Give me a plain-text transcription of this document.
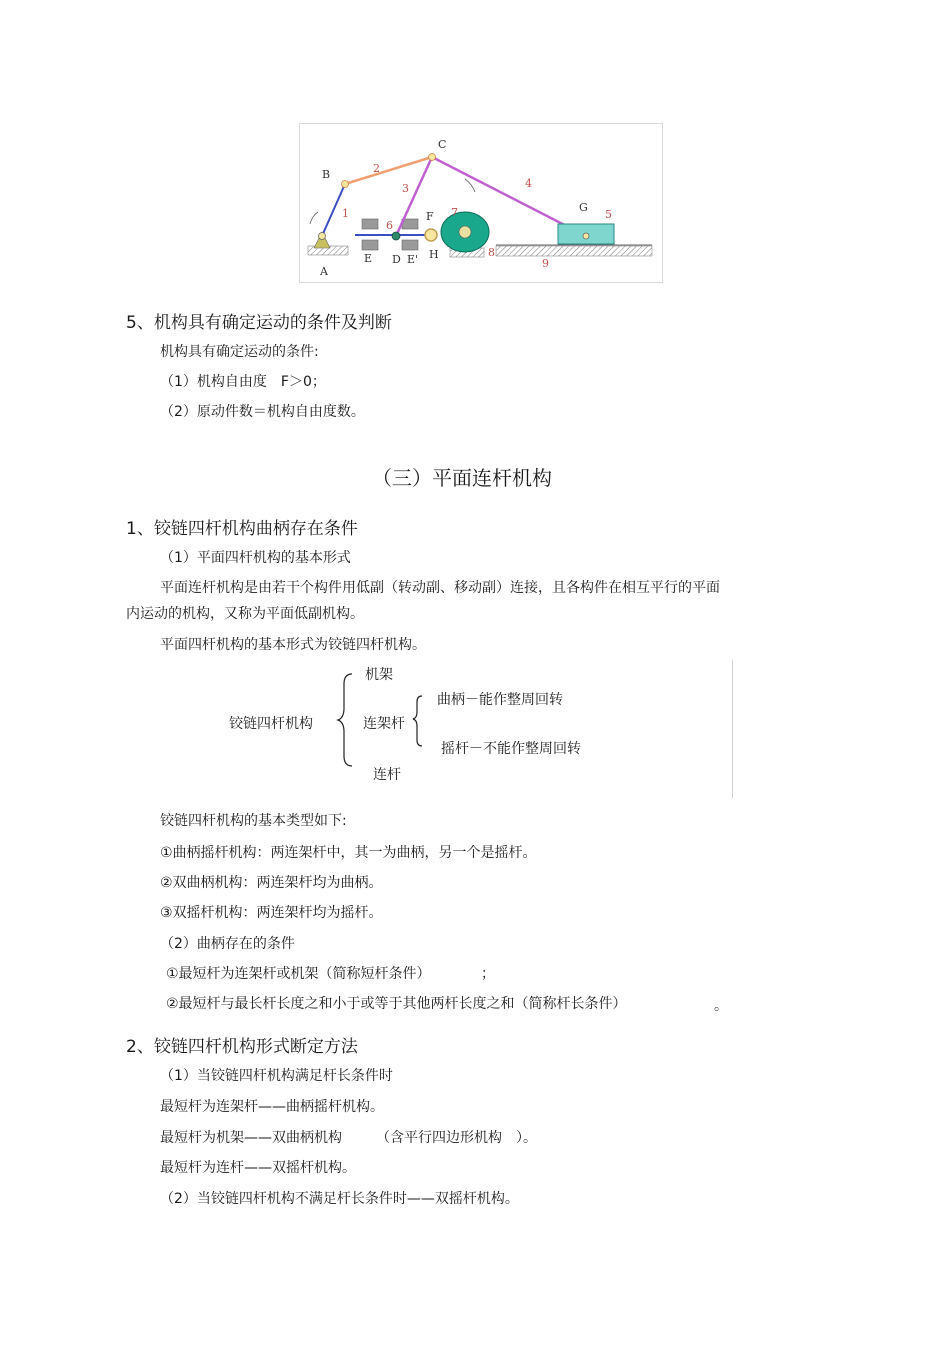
B
C
A
E D E'
F
H
G
1
2
3	4
5
6
7
8
9
5、机构具有确定运动的条件及判断
机构具有确定运动的条件:
（1）机构自由度　F＞0；
（2）原动件数＝机构自由度数。
（三）平面连杆机构
1、铰链四杆机构曲柄存在条件
（1）平面四杆机构的基本形式
平面连杆机构是由若干个构件用低副（转动副、移动副）连接，且各构件在相互平行的平面
内运动的机构，又称为平面低副机构。
平面四杆机构的基本形式为铰链四杆机构。
铰链四杆机构
机架
连架杆
连杆
曲柄－能作整周回转
摇杆－不能作整周回转
铰链四杆机构的基本类型如下:
①曲柄摇杆机构：两连架杆中，其一为曲柄，另一个是摇杆。
②双曲柄机构：两连架杆均为曲柄。
③双摇杆机构：两连架杆均为摇杆。
（2）曲柄存在的条件
①最短杆为连架杆或机架（简称短杆条件）	；
②最短杆与最长杆长度之和小于或等于其他两杆长度之和（简称杆长条件）	。
2、铰链四杆机构形式断定方法
（1）当铰链四杆机构满足杆长条件时
最短杆为连架杆——曲柄摇杆机构。
最短杆为机架——双曲柄机构 （含平行四边形机构　）。
最短杆为连杆——双摇杆机构。
（2）当铰链四杆机构不满足杆长条件时——双摇杆机构。
